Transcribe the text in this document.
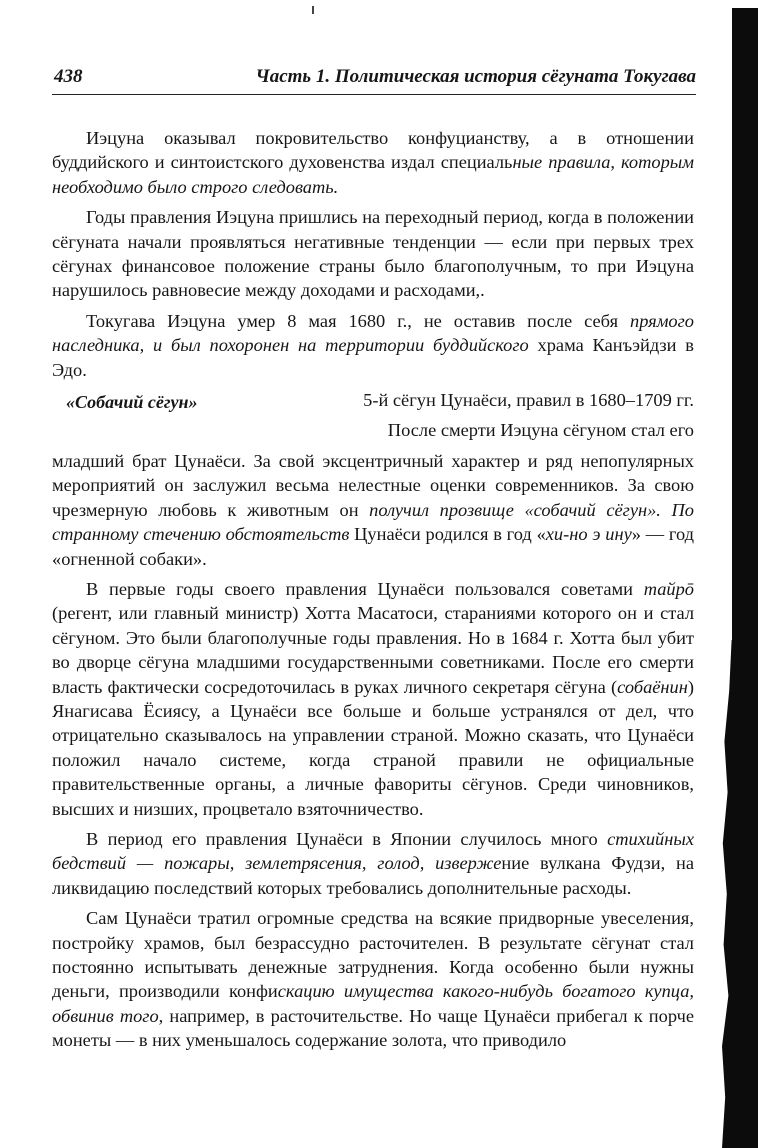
438	Часть 1. Политическая история сёгуната Токугава

Иэцуна оказывал покровительство конфуцианству, а в отношении буддийского и синтоистского духовенства издал специальные правила, которым необходимо было строго следовать.

Годы правления Иэцуна пришлись на переходный период, когда в положении сёгуната начали проявляться негативные тенденции — если при первых трех сёгунах финансовое положение страны было благополучным, то при Иэцуна нарушилось равновесие между доходами и расходами,.

Токугава Иэцуна умер 8 мая 1680 г., не оставив после себя прямого наследника, и был похоронен на территории буддийского храма Канъэйдзи в Эдо.

«Собачий сёгун»	5-й сёгун Цунаёси, правил в 1680–1709 гг.

После смерти Иэцуна сёгуном стал его

младший брат Цунаёси. За свой эксцентричный характер и ряд непопулярных мероприятий он заслужил весьма нелестные оценки современников. За свою чрезмерную любовь к животным он получил прозвище «собачий сёгун». По странному стечению обстоятельств Цунаёси родился в год «хи-но э ину» — год «огненной собаки».

В первые годы своего правления Цунаёси пользовался советами тайрō (регент, или главный министр) Хотта Масатоси, стараниями которого он и стал сёгуном. Это были благополучные годы правления. Но в 1684 г. Хотта был убит во дворце сёгуна младшими государственными советниками. После его смерти власть фактически сосредоточилась в руках личного секретаря сёгуна (собаёнин) Янагисава Ёсиясу, а Цунаёси все больше и больше устранялся от дел, что отрицательно сказывалось на управлении страной. Можно сказать, что Цунаёси положил начало системе, когда страной правили не официальные правительственные органы, а личные фавориты сёгунов. Среди чиновников, высших и низших, процветало взяточничество.

В период его правления Цунаёси в Японии случилось много стихийных бедствий — пожары, землетрясения, голод, извержение вулкана Фудзи, на ликвидацию последствий которых требовались дополнительные расходы.

Сам Цунаёси тратил огромные средства на всякие придворные увеселения, постройку храмов, был безрассудно расточителен. В результате сёгунат стал постоянно испытывать денежные затруднения. Когда особенно были нужны деньги, производили конфискацию имущества какого-нибудь богатого купца, обвинив того, например, в расточительстве. Но чаще Цунаёси прибегал к порче монеты — в них уменьшалось содержание золота, что приводило
